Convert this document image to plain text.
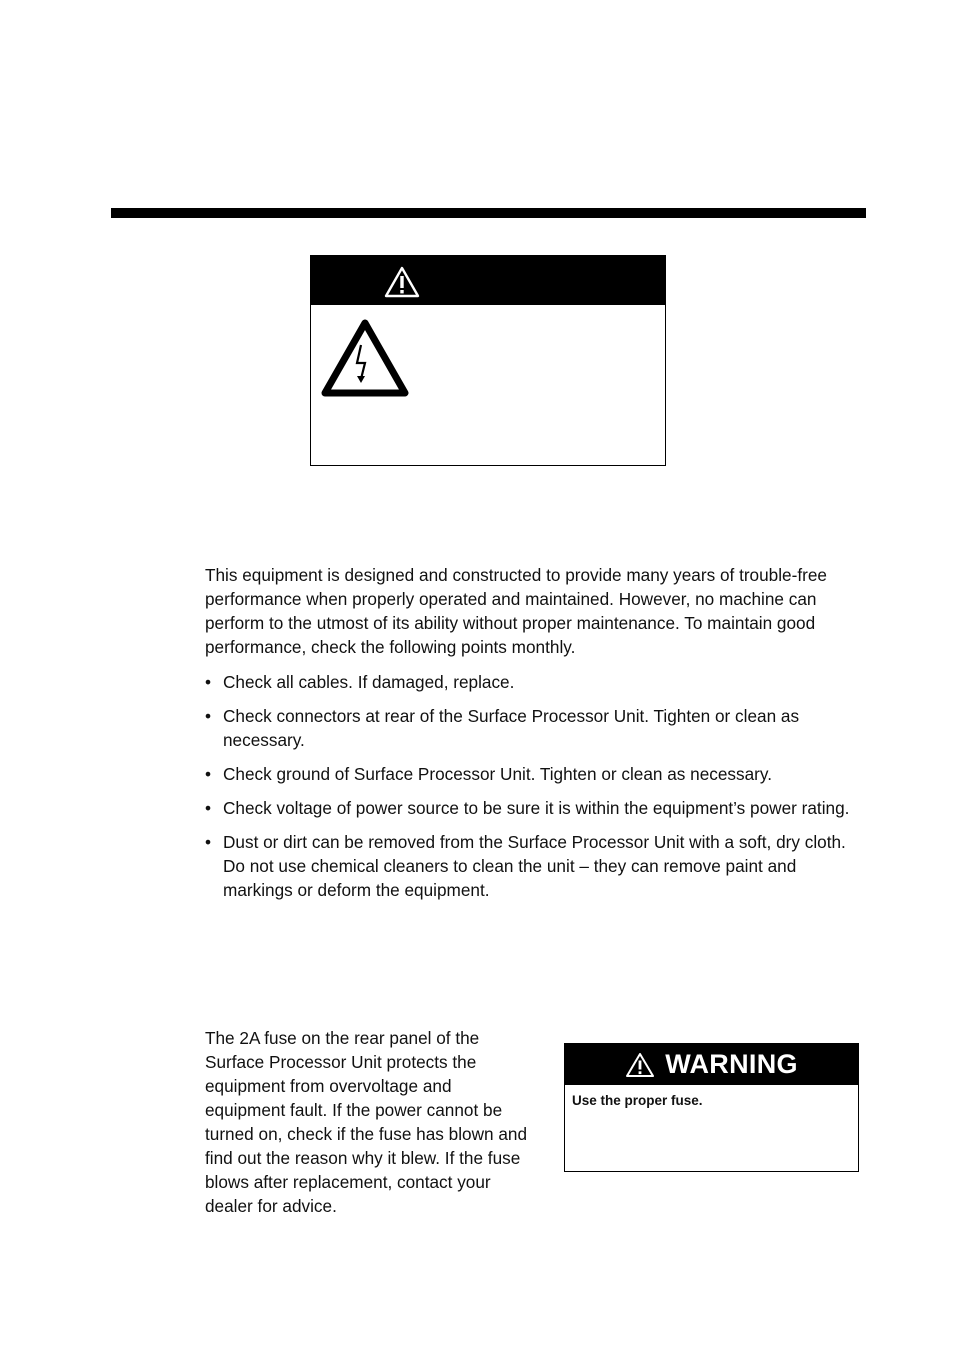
This equipment is designed and constructed to provide many years of trouble-free performance when properly operated and maintained. However, no machine can perform to the utmost of its ability without proper maintenance. To maintain good performance, check the following points monthly.

• Check all cables. If damaged, replace.
• Check connectors at rear of the Surface Processor Unit. Tighten or clean as necessary.
• Check ground of Surface Processor Unit. Tighten or clean as necessary.
• Check voltage of power source to be sure it is within the equipment’s power rating.
• Dust or dirt can be removed from the Surface Processor Unit with a soft, dry cloth. Do not use chemical cleaners to clean the unit – they can remove paint and markings or deform the equipment.

The 2A fuse on the rear panel of the Surface Processor Unit protects the equipment from overvoltage and equipment fault. If the power cannot be turned on, check if the fuse has blown and find out the reason why it blew. If the fuse blows after replacement, contact your dealer for advice.

WARNING
Use the proper fuse.
